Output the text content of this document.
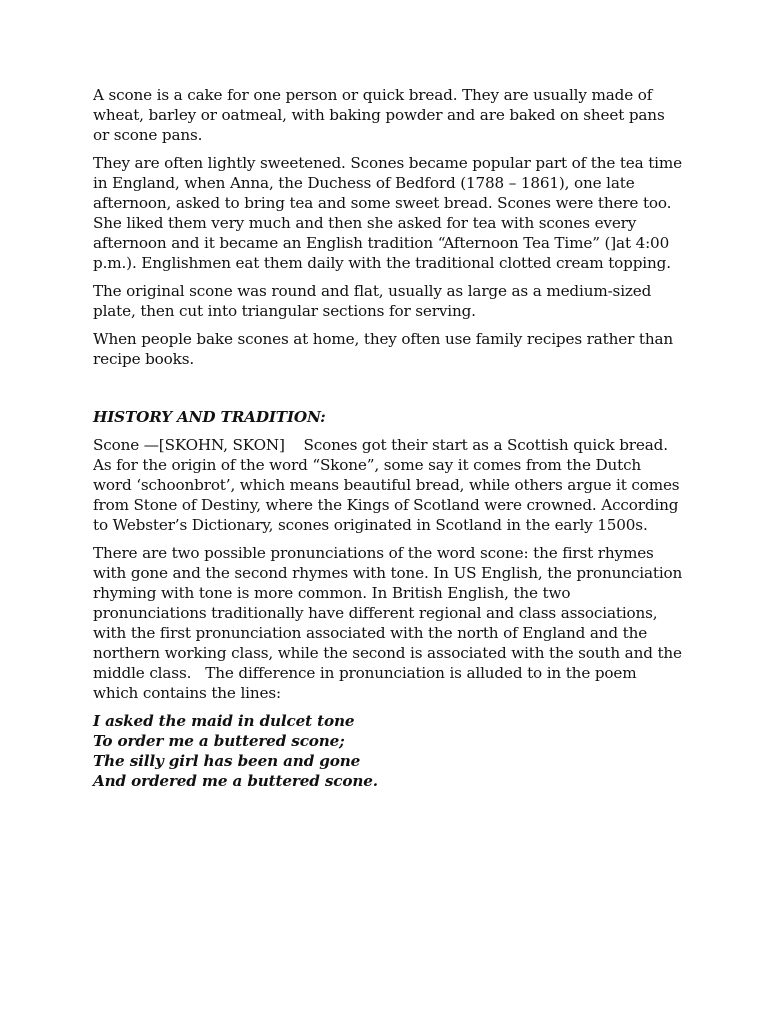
A scone is a cake for one person or quick bread. They are usually made of wheat, barley or oatmeal, with baking powder and are baked on sheet pans or scone pans.

They are often lightly sweetened. Scones became popular part of the tea time in England, when Anna, the Duchess of Bedford (1788 – 1861), one late afternoon, asked to bring tea and some sweet bread. Scones were there too. She liked them very much and then she asked for tea with scones every afternoon and it became an English tradition “Afternoon Tea Time” (]at 4:00 p.m.). Englishmen eat them daily with the traditional clotted cream topping.

The original scone was round and flat, usually as large as a medium-sized plate, then cut into triangular sections for serving.

When people bake scones at home, they often use family recipes rather than recipe books.

HISTORY AND TRADITION:

Scone —[SKOHN, SKON]    Scones got their start as a Scottish quick bread. As for the origin of the word “Skone”, some say it comes from the Dutch word ‘schoonbrot’, which means beautiful bread, while others argue it comes from Stone of Destiny, where the Kings of Scotland were crowned. According to Webster’s Dictionary, scones originated in Scotland in the early 1500s.

There are two possible pronunciations of the word scone: the first rhymes with gone and the second rhymes with tone. In US English, the pronunciation rhyming with tone is more common. In British English, the two pronunciations traditionally have different regional and class associations, with the first pronunciation associated with the north of England and the northern working class, while the second is associated with the south and the middle class.   The difference in pronunciation is alluded to in the poem which contains the lines:

I asked the maid in dulcet tone
To order me a buttered scone;
The silly girl has been and gone
And ordered me a buttered scone.
